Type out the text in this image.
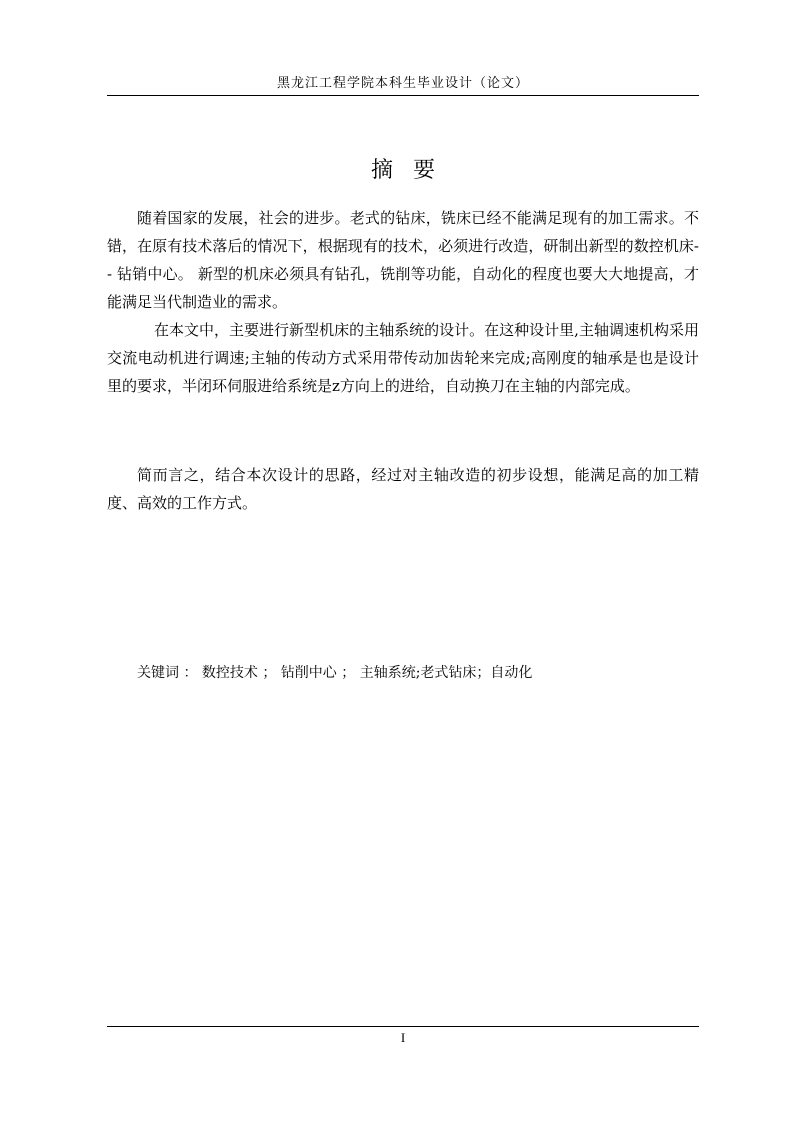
黑龙江工程学院本科生毕业设计（论文）
摘 要

随着国家的发展，社会的进步。老式的钻床，铣床已经不能满足现有的加工需求。不错，在原有技术落后的情况下，根据现有的技术，必须进行改造，研制出新型的数控机床-- 钻销中心。 新型的机床必须具有钻孔，铣削等功能，自动化的程度也要大大地提高，才能满足当代制造业的需求。

在本文中，主要进行新型机床的主轴系统的设计。在这种设计里,主轴调速机构采用交流电动机进行调速;主轴的传动方式采用带传动加齿轮来完成;高刚度的轴承是也是设计里的要求，半闭环伺服进给系统是z方向上的进给，自动换刀在主轴的内部完成。

简而言之，结合本次设计的思路，经过对主轴改造的初步设想，能满足高的加工精度、高效的工作方式。

关键词 ： 数控技术 ； 钻削中心 ； 主轴系统;老式钻床；自动化
I
